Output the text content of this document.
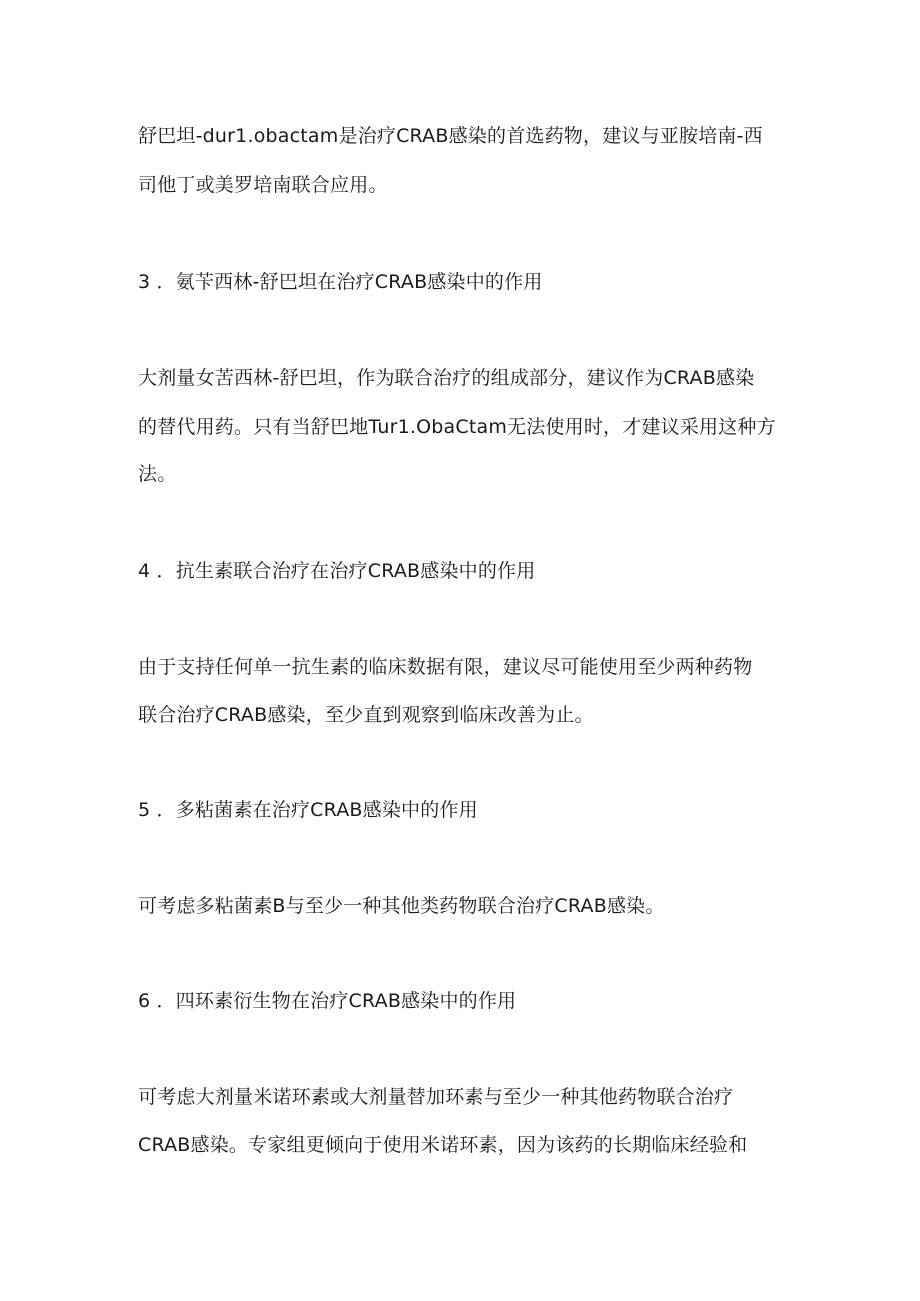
舒巴坦-dur1.obactam是治疗CRAB感染的首选药物，建议与亚胺培南-西
司他丁或美罗培南联合应用。
3 ．氨苄西林-舒巴坦在治疗CRAB感染中的作用
大剂量女苦西林-舒巴坦，作为联合治疗的组成部分，建议作为CRAB感染
的替代用药。只有当舒巴地Tur1.ObaCtam无法使用时，才建议采用这种方
法。
4 ．抗生素联合治疗在治疗CRAB感染中的作用
由于支持任何单一抗生素的临床数据有限，建议尽可能使用至少两种药物
联合治疗CRAB感染，至少直到观察到临床改善为止。
5 ．多粘菌素在治疗CRAB感染中的作用
可考虑多粘菌素B与至少一种其他类药物联合治疗CRAB感染。
6 ．四环素衍生物在治疗CRAB感染中的作用
可考虑大剂量米诺环素或大剂量替加环素与至少一种其他药物联合治疗
CRAB感染。专家组更倾向于使用米诺环素，因为该药的长期临床经验和
